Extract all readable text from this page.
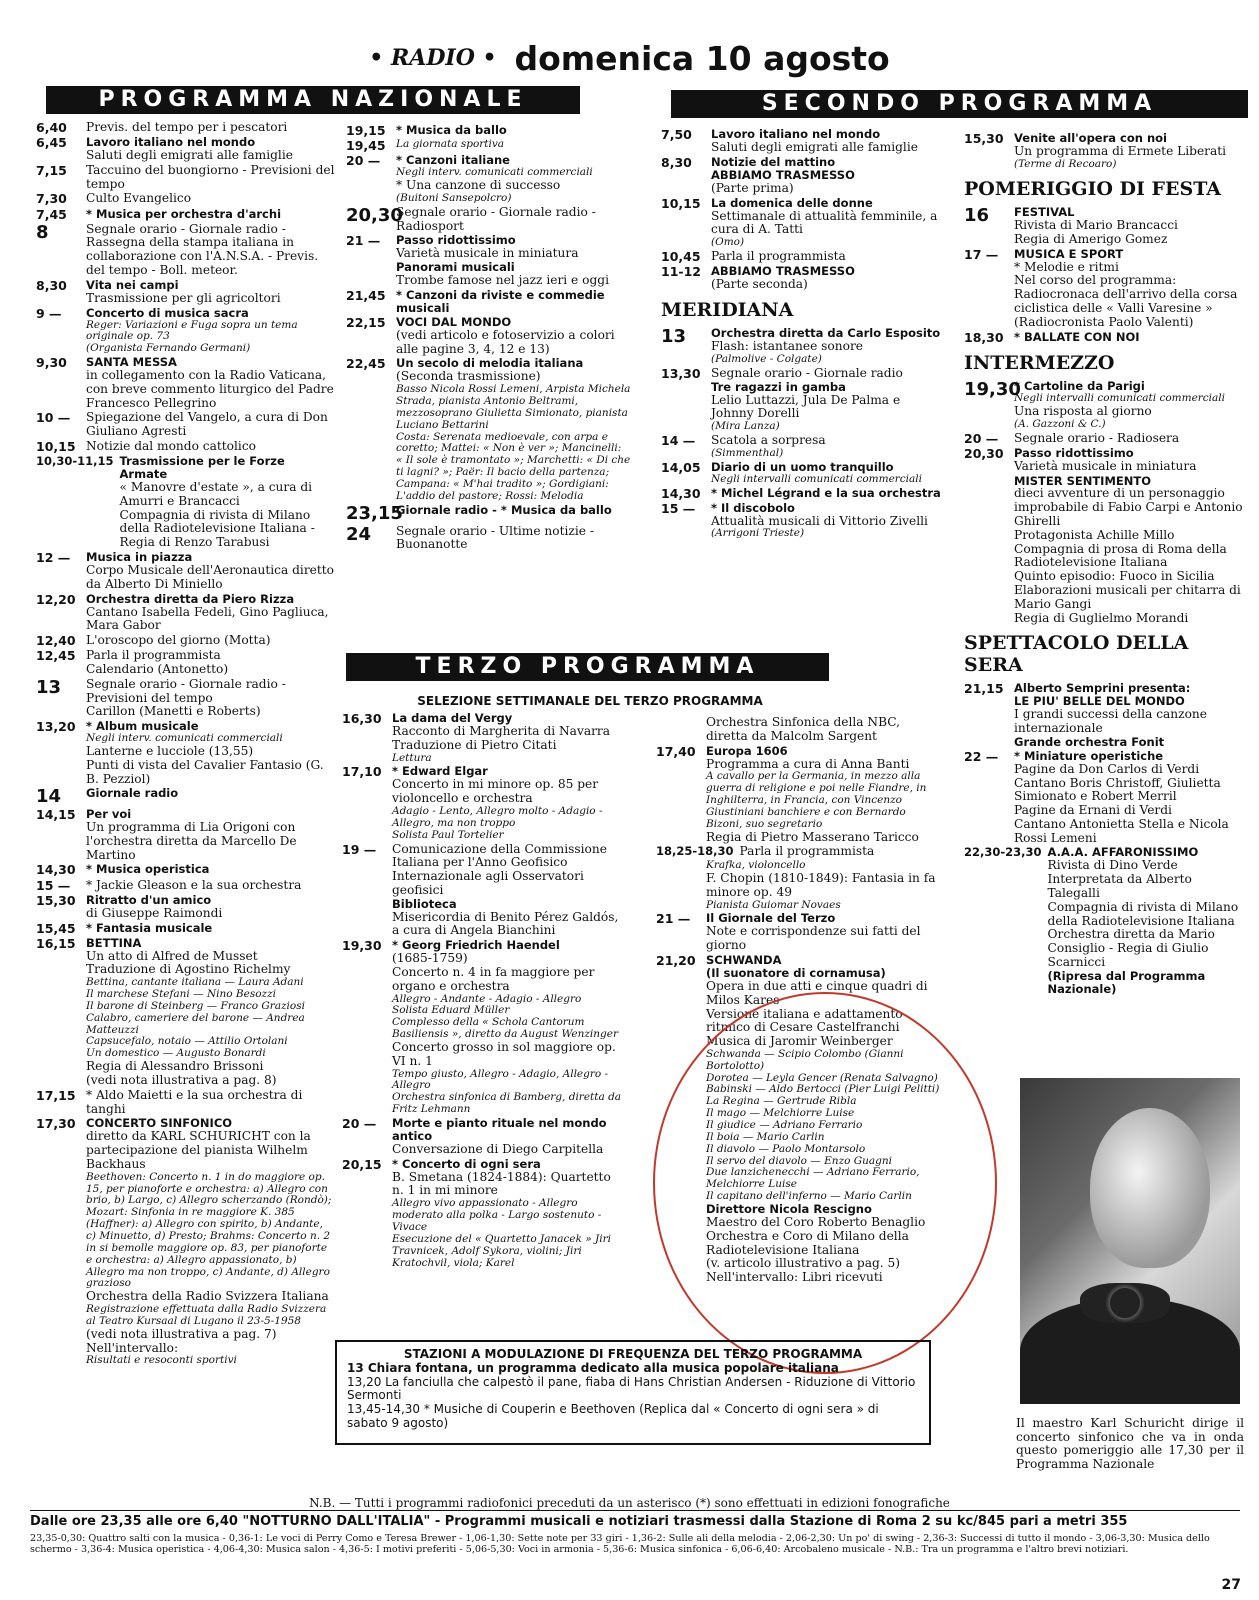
• RADIO • domenica 10 agosto
PROGRAMMA NAZIONALE	SECONDO PROGRAMMA
TERZO PROGRAMMA
SELEZIONE SETTIMANALE DEL TERZO PROGRAMMA
6,40	Previs. del tempo per i pescatori
6,45	Lavoro italiano nel mondo
Saluti degli emigrati alle famiglie
7,15	Taccuino del buongiorno - Previsioni del tempo
7,30	Culto Evangelico
7,45	* Musica per orchestra d'archi
8	Segnale orario - Giornale radio - Rassegna della stampa italiana in collaborazione con l'A.N.S.A. - Previs. del tempo - Boll. meteor.
8,30	Vita nei campi
Trasmissione per gli agricoltori
9 —	Concerto di musica sacra
Reger: Variazioni e Fuga sopra un tema originale op. 73
(Organista Fernando Germani)
9,30	SANTA MESSA
in collegamento con la Radio Vaticana, con breve commento liturgico del Padre Francesco Pellegrino
10 —	Spiegazione del Vangelo, a cura di Don Giuliano Agresti
10,15 Notizie dal mondo cattolico
10,30-11,15 Trasmissione per le Forze Armate
« Manovre d'estate », a cura di Amurri e Brancacci
Compagnia di rivista di Milano della Radiotelevisione Italiana - Regia di Renzo Tarabusi
12 —	Musica in piazza
Corpo Musicale dell'Aeronautica diretto da Alberto Di Miniello
12,20 Orchestra diretta da Piero Rizza
Cantano Isabella Fedeli, Gino Pagliuca, Mara Gabor
12,40 L'oroscopo del giorno (Motta)
12,45 Parla il programmista
Calendario (Antonetto)
13	Segnale orario - Giornale radio - Previsioni del tempo
Carillon (Manetti e Roberts)
13,20 * Album musicale
Negli interv. comunicati commerciali
Lanterne e lucciole (13,55)
Punti di vista del Cavalier Fantasio (G. B. Pezziol)
14	Giornale radio
14,15 Per voi
Un programma di Lia Origoni con l'orchestra diretta da Marcello De Martino
14,30 * Musica operistica
15 —	* Jackie Gleason e la sua orchestra
15,30 Ritratto d'un amico
di Giuseppe Raimondi
15,45 * Fantasia musicale
16,15 BETTINA
Un atto di Alfred de Musset
Traduzione di Agostino Richelmy
Bettina, cantante italiana — Laura Adani
Il marchese Stefani — Nino Besozzi
Il barone di Steinberg — Franco Graziosi
Calabro, cameriere del barone — Andrea Matteuzzi
Capsucefalo, notaio — Attilio Ortolani
Un domestico — Augusto Bonardi
Regia di Alessandro Brissoni
(vedi nota illustrativa a pag. 8)
17,15 * Aldo Maietti e la sua orchestra di tanghi
17,30 CONCERTO SINFONICO
diretto da KARL SCHURICHT con la partecipazione del pianista Wilhelm Backhaus
Beethoven: Concerto n. 1 in do maggiore op. 15, per pianoforte e orchestra: a) Allegro con brio, b) Largo, c) Allegro scherzando (Rondò); Mozart: Sinfonia in re maggiore K. 385 (Haffner): a) Allegro con spirito, b) Andante, c) Minuetto, d) Presto; Brahms: Concerto n. 2 in si bemolle maggiore op. 83, per pianoforte e orchestra: a) Allegro appassionato, b) Allegro ma non troppo, c) Andante, d) Allegro grazioso
Orchestra della Radio Svizzera Italiana
Registrazione effettuata dalla Radio Svizzera al Teatro Kursaal di Lugano il 23-5-1958
(vedi nota illustrativa a pag. 7)
Nell'intervallo:
Risultati e resoconti sportivi
19,15 * Musica da ballo
19,45 La giornata sportiva
20 —	* Canzoni italiane
Negli interv. comunicati commerciali
* Una canzone di successo
(Buitoni Sansepolcro)
20,30
Segnale orario - Giornale radio - Radiosport
21 —	Passo ridottissimo
Varietà musicale in miniatura
Panorami musicali
Trombe famose nel jazz ieri e oggi
21,45 * Canzoni da riviste e commedie musicali
22,15 VOCI DAL MONDO
(vedi articolo e fotoservizio a colori alle pagine 3, 4, 12 e 13)
22,45 Un secolo di melodia italiana
(Seconda trasmissione)
Basso Nicola Rossi Lemeni, Arpista Michela Strada, pianista Antonio Beltrami, mezzosoprano Giulietta Simionato, pianista Luciano Bettarini
Costa: Serenata medioevale, con arpa e coretto; Mattei: « Non è ver »; Mancinelli: « Il sole è tramontato »; Marchetti: « Di che ti lagni? »; Paër: Il bacio della partenza; Campana: « M'hai tradito »; Gordigiani: L'addio del pastore; Rossi: Melodia
23,15
Giornale radio - * Musica da ballo
24	Segnale orario - Ultime notizie - Buonanotte
7,50	Lavoro italiano nel mondo
Saluti degli emigrati alle famiglie
8,30	Notizie del mattino
ABBIAMO TRASMESSO
(Parte prima)
10,15 La domenica delle donne
Settimanale di attualità femminile, a cura di A. Tatti
(Omo)
10,45 Parla il programmista
11-12 ABBIAMO TRASMESSO
(Parte seconda)
MERIDIANA
13	Orchestra diretta da Carlo Esposito
Flash: istantanee sonore
(Palmolive - Colgate)
13,30 Segnale orario - Giornale radio
Tre ragazzi in gamba
Lelio Luttazzi, Jula De Palma e Johnny Dorelli
(Mira Lanza)
14 —	Scatola a sorpresa
(Simmenthal)
14,05 Diario di un uomo tranquillo
Negli intervalli comunicati commerciali
14,30 * Michel Légrand e la sua orchestra
15 —	* Il discobolo
Attualità musicali di Vittorio Zivelli
(Arrigoni Trieste)
15,30 Venite all'opera con noi
Un programma di Ermete Liberati
(Terme di Recoaro)
POMERIGGIO DI FESTA
16	FESTIVAL
Rivista di Mario Brancacci
Regia di Amerigo Gomez
17 —	MUSICA E SPORT
* Melodie e ritmi
Nel corso del programma: Radiocronaca dell'arrivo della corsa ciclistica delle « Valli Varesine »
(Radiocronista Paolo Valenti)
18,30 * BALLATE CON NOI
INTERMEZZO
19,30
* Cartoline da Parigi
Negli intervalli comunicati commerciali
Una risposta al giorno
(A. Gazzoni & C.)
20 —	Segnale orario - Radiosera
20,30 Passo ridottissimo
Varietà musicale in miniatura
MISTER SENTIMENTO
dieci avventure di un personaggio improbabile di Fabio Carpi e Antonio Ghirelli
Protagonista Achille Millo
Compagnia di prosa di Roma della Radiotelevisione Italiana
Quinto episodio: Fuoco in Sicilia
Elaborazioni musicali per chitarra di Mario Gangi
Regia di Guglielmo Morandi
SPETTACOLO DELLA SERA
21,15 Alberto Semprini presenta:
LE PIU' BELLE DEL MONDO
I grandi successi della canzone internazionale
Grande orchestra Fonit
22 —	* Miniature operistiche
Pagine da Don Carlos di Verdi
Cantano Boris Christoff, Giulietta Simionato e Robert Merril
Pagine da Ernani di Verdi
Cantano Antonietta Stella e Nicola Rossi Lemeni
22,30-23,30 A.A.A. AFFARONISSIMO
Rivista di Dino Verde
Interpretata da Alberto Talegalli
Compagnia di rivista di Milano della Radiotelevisione Italiana
Orchestra diretta da Mario Consiglio - Regia di Giulio Scarnicci
(Ripresa dal Programma Nazionale)
16,30 La dama del Vergy
Racconto di Margherita di Navarra
Traduzione di Pietro Citati
Lettura
17,10 * Edward Elgar
Concerto in mi minore op. 85 per violoncello e orchestra
Adagio - Lento, Allegro molto - Adagio - Allegro, ma non troppo
Solista Paul Tortelier
19 —	Comunicazione della Commissione Italiana per l'Anno Geofisico Internazionale agli Osservatori geofisici
Biblioteca
Misericordia di Benito Pérez Galdós, a cura di Angela Bianchini
19,30 * Georg Friedrich Haendel
(1685-1759)
Concerto n. 4 in fa maggiore per organo e orchestra
Allegro - Andante - Adagio - Allegro
Solista Eduard Müller
Complesso della « Schola Cantorum Basiliensis », diretto da August Wenzinger
Concerto grosso in sol maggiore op. VI n. 1
Tempo giusto, Allegro - Adagio, Allegro - Allegro
Orchestra sinfonica di Bamberg, diretta da Fritz Lehmann
20 —	Morte e pianto rituale nel mondo antico
Conversazione di Diego Carpitella
20,15 * Concerto di ogni sera
B. Smetana (1824-1884): Quartetto n. 1 in mi minore
Allegro vivo appassionato - Allegro moderato alla polka - Largo sostenuto - Vivace
Esecuzione del « Quartetto Janacek » Jiri Travnicek, Adolf Sykora, violini; Jiri Kratochvil, viola; Karel
Orchestra Sinfonica della NBC, diretta da Malcolm Sargent
17,40 Europa 1606
Programma a cura di Anna Banti
A cavallo per la Germania, in mezzo alla guerra di religione e poi nelle Fiandre, in Inghilterra, in Francia, con Vincenzo Giustiniani banchiere e con Bernardo Bizoni, suo segretario
Regia di Pietro Masserano Taricco
18,25-18,30 Parla il programmista
Krafka, violoncello
F. Chopin (1810-1849): Fantasia in fa minore op. 49
Pianista Guiomar Novaes
21 —	Il Giornale del Terzo
Note e corrispondenze sui fatti del giorno
21,20 SCHWANDA
(Il suonatore di cornamusa)
Opera in due atti e cinque quadri di Milos Kares
Versione italiana e adattamento ritmico di Cesare Castelfranchi
Musica di Jaromir Weinberger
Schwanda — Scipio Colombo (Gianni Bortolotto)
Dorotea — Leyla Gencer (Renata Salvagno)
Babinski — Aldo Bertocci (Pier Luigi Pelitti)
La Regina — Gertrude Ribla
Il mago — Melchiorre Luise
Il giudice — Adriano Ferrario
Il boia — Mario Carlin
Il diavolo — Paolo Montarsolo
Il servo del diavolo — Enzo Guagni
Due lanzichenecchi — Adriano Ferrario, Melchiorre Luise
Il capitano dell'inferno — Mario Carlin
Direttore Nicola Rescigno
Maestro del Coro Roberto Benaglio
Orchestra e Coro di Milano della Radiotelevisione Italiana
(v. articolo illustrativo a pag. 5)
Nell'intervallo: Libri ricevuti
Il maestro Karl Schuricht dirige il concerto sinfonico che va in onda questo pomeriggio alle 17,30 per il Programma Nazionale
STAZIONI A MODULAZIONE DI FREQUENZA DEL TERZO PROGRAMMA
13 Chiara fontana, un programma dedicato alla musica popolare italiana
13,20 La fanciulla che calpestò il pane, fiaba di Hans Christian Andersen - Riduzione di Vittorio Sermonti
13,45-14,30 * Musiche di Couperin e Beethoven (Replica dal « Concerto di ogni sera » di sabato 9 agosto)
N.B. — Tutti i programmi radiofonici preceduti da un asterisco (*) sono effettuati in edizioni fonografiche
Dalle ore 23,35 alle ore 6,40 "NOTTURNO DALL'ITALIA" - Programmi musicali e notiziari trasmessi dalla Stazione di Roma 2 su kc/845 pari a metri 355
23,35-0,30: Quattro salti con la musica - 0,36-1: Le voci di Perry Como e Teresa Brewer - 1,06-1,30: Sette note per 33 giri - 1,36-2: Sulle ali della melodia - 2,06-2,30: Un po' di swing - 2,36-3: Successi di tutto il mondo - 3,06-3,30: Musica dello schermo - 3,36-4: Musica operistica - 4,06-4,30: Musica salon - 4,36-5: I motivi preferiti - 5,06-5,30: Voci in armonia - 5,36-6: Musica sinfonica - 6,06-6,40: Arcobaleno musicale - N.B.: Tra un programma e l'altro brevi notiziari.
27
